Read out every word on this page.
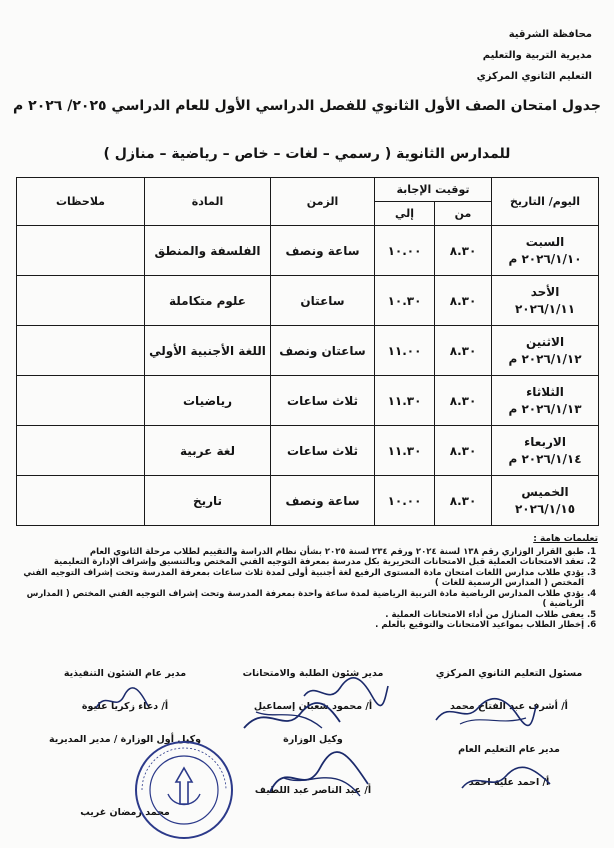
محافظة الشرقية
مديرية التربية والتعليم
التعليم الثانوي المركزي
جدول امتحان الصف الأول الثانوي للفصل الدراسي الأول للعام الدراسي ٢٠٢٥/ ٢٠٢٦ م
للمدارس الثانوية ( رسمي – لغات – خاص – رياضية – منازل )
اليوم/ التاريخ	توقيت الإجابة		الزمن	المادة	ملاحظات
	من	إلي			

السبت
٢٠٢٦/١/١٠ م	٨.٣٠	١٠.٠٠	ساعة ونصف	الفلسفة والمنطق	

الأحد
٢٠٢٦/١/١١	٨.٣٠	١٠.٣٠	ساعتان	علوم متكاملة	

الاثنين
٢٠٢٦/١/١٢ م	٨.٣٠	١١.٠٠	ساعتان ونصف	اللغة الأجنبية الأولي	

الثلاثاء
٢٠٢٦/١/١٣ م	٨.٣٠	١١.٣٠	ثلاث ساعات	رياضيات	

الاربعاء
٢٠٢٦/١/١٤ م	٨.٣٠	١١.٣٠	ثلاث ساعات	لغة عربية	

الخميس
٢٠٢٦/١/١٥	٨.٣٠	١٠.٠٠	ساعة ونصف	تاريخ	
تعليمات هامة :
1. طبق القرار الوزاري رقم ١٣٨ لسنة ٢٠٢٤ ورقم ٢٣٤ لسنة ٢٠٢٥ بشأن نظام الدراسة والتقييم لطلاب مرحلة الثانوي العام
2. تعقد الامتحانات العملية قبل الامتحانات التحريرية بكل مدرسة بمعرفة التوجيه الفني المختص وبالتنسيق وإشراف الإدارة التعليمية
3. يؤدي طلاب مدارس اللغات امتحان مادة المستوى الرفيع لغة أجنبية أولى لمدة ثلاث ساعات بمعرفة المدرسة وتحت إشراف التوجيه الفني المختص ( المدارس الرسمية للغات )
4. يؤدي طلاب المدارس الرياضية مادة التربية الرياضية لمدة ساعة واحدة بمعرفة المدرسة وتحت إشراف التوجيه الفني المختص ( المدارس الرياضية )
5. يعفى طلاب المنازل من أداء الامتحانات العملية .
6. إخطار الطلاب بمواعيد الامتحانات والتوقيع بالعلم .
مسئول التعليم الثانوي المركزي
أ/ أشرف عبد الفتاح محمد
مدير شئون الطلبة والامتحانات
أ/ محمود شعبان إسماعيل
مدير عام الشئون التنفيذية
أ/ دعاء زكريا عليوة
مدير عام التعليم العام
أ/ احمد علية احمد
وكيل الوزارة
أ/ عبد الناصر عبد اللطيف
وكيل أول الوزارة / مدير المديرية
محمد رمضان غريب
